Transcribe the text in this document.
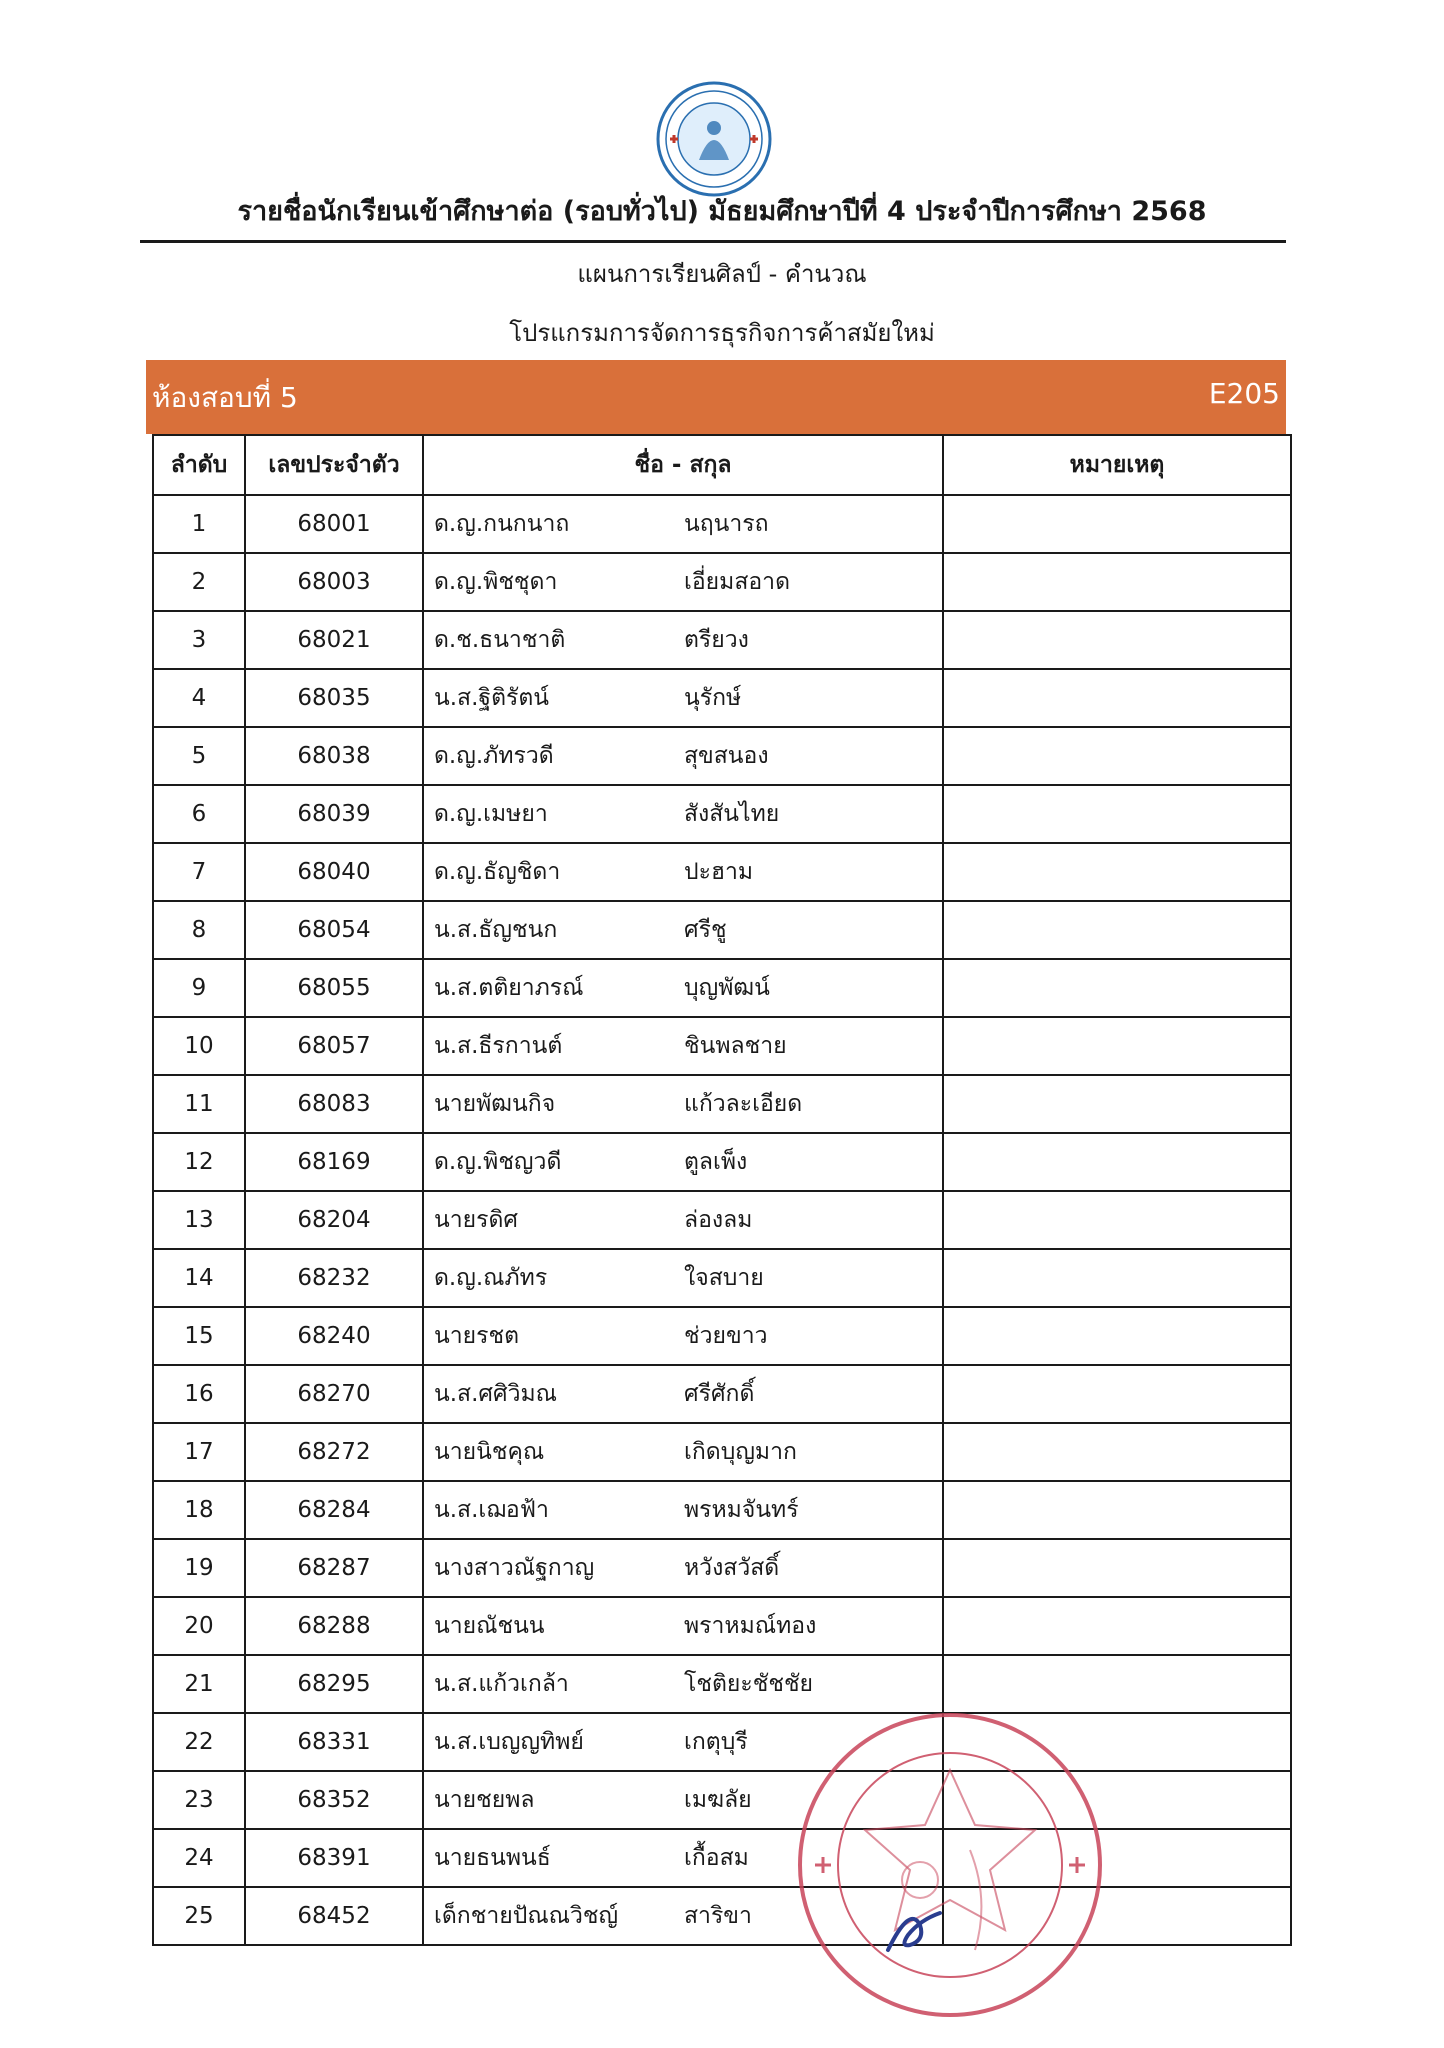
รายชื่อนักเรียนเข้าศึกษาต่อ (รอบทั่วไป) มัธยมศึกษาปีที่ 4 ประจำปีการศึกษา 2568
แผนการเรียนศิลป์ - คำนวณ
โปรแกรมการจัดการธุรกิจการค้าสมัยใหม่
ห้องสอบที่ 5	E205
ลำดับ	เลขประจำตัว	ชื่อ - สกุล	หมายเหตุ
1	68001	ด.ญ.กนกนาถ	นฤนารถ
2	68003	ด.ญ.พิชชุดา	เอี่ยมสอาด
3	68021	ด.ช.ธนาชาติ	ตรียวง
4	68035	น.ส.ฐิติรัตน์	นุรักษ์
5	68038	ด.ญ.ภัทรวดี	สุขสนอง
6	68039	ด.ญ.เมษยา	สังสันไทย
7	68040	ด.ญ.ธัญชิดา	ปะฮาม
8	68054	น.ส.ธัญชนก	ศรีชู
9	68055	น.ส.ตติยาภรณ์	บุญพัฒน์
10	68057	น.ส.ธีรกานต์	ชินพลชาย
11	68083	นายพัฒนกิจ	แก้วละเอียด
12	68169	ด.ญ.พิชญวดี	ตูลเพ็ง
13	68204	นายรดิศ	ล่องลม
14	68232	ด.ญ.ณภัทร	ใจสบาย
15	68240	นายรชต	ช่วยขาว
16	68270	น.ส.ศศิวิมณ	ศรีศักดิ์
17	68272	นายนิชคุณ	เกิดบุญมาก
18	68284	น.ส.เฌอฟ้า	พรหมจันทร์
19	68287	นางสาวณัฐกาญ	หวังสวัสดิ์
20	68288	นายณัชนน	พราหมณ์ทอง
21	68295	น.ส.แก้วเกล้า	โชติยะชัชชัย
22	68331	น.ส.เบญญทิพย์	เกตุบุรี
23	68352	นายชยพล	เมฆลัย
24	68391	นายธนพนธ์	เกื้อสม
25	68452	เด็กชายปัณณวิชญ์	สาริขา
